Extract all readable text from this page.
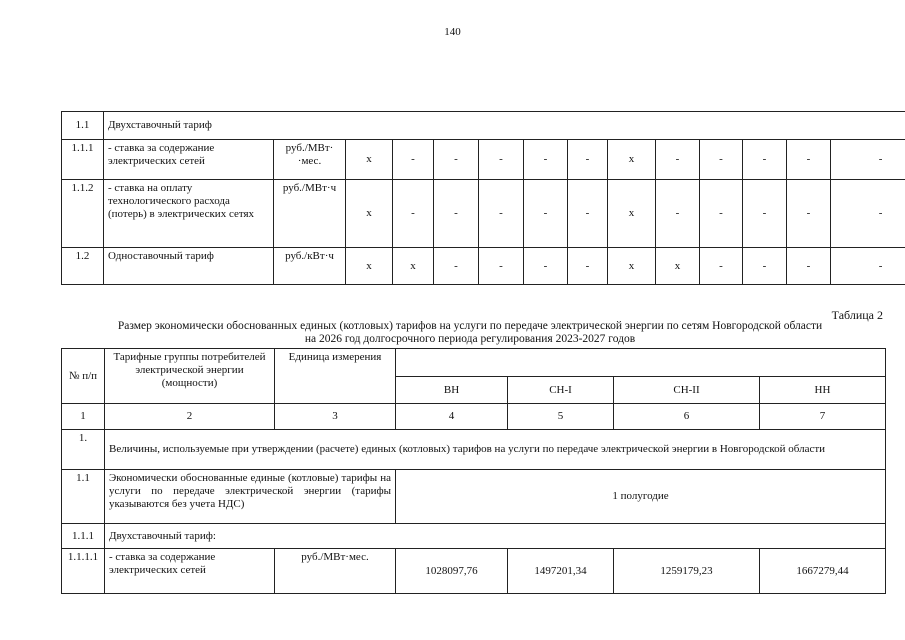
140
1.1	Двухставочный тариф													
1.1.1	- ставка за содержание электрических сетей	руб./МВт· ·мес.	х	-	-	-	-	-	х	-	-	-	-	-
1.1.2	- ставка на оплату технологического расхода (потерь) в электрических сетях	руб./МВт·ч	х	-	-	-	-	-	х	-	-	-	-	-
1.2	Одноставочный тариф	руб./кВт·ч	х	х	-	-	-	-	х	х	-	-	-	-
Таблица 2
Размер экономически обоснованных единых (котловых) тарифов на услуги по передаче электрической энергии по сетям Новгородской области
на 2026 год долгосрочного периода регулирования 2023-2027 годов
№ п/п	Тарифные группы потребителей электрической энергии (мощности)	Единица измерения				
			ВН	СН-I	СН-II	НН
1	2	3	4	5	6	7
1.	Величины, используемые при утверждении (расчете) единых (котловых) тарифов на услуги по передаче электрической энергии в Новгородской области					
1.1	Экономически обоснованные единые (котловые) тарифы на услуги по передаче электрической энергии (тарифы указываются без учета НДС)		1 полугодие			
1.1.1	Двухставочный тариф:					
1.1.1.1	- ставка за содержание электрических сетей	руб./МВт·мес.	1028097,76	1497201,34	1259179,23	1667279,44
